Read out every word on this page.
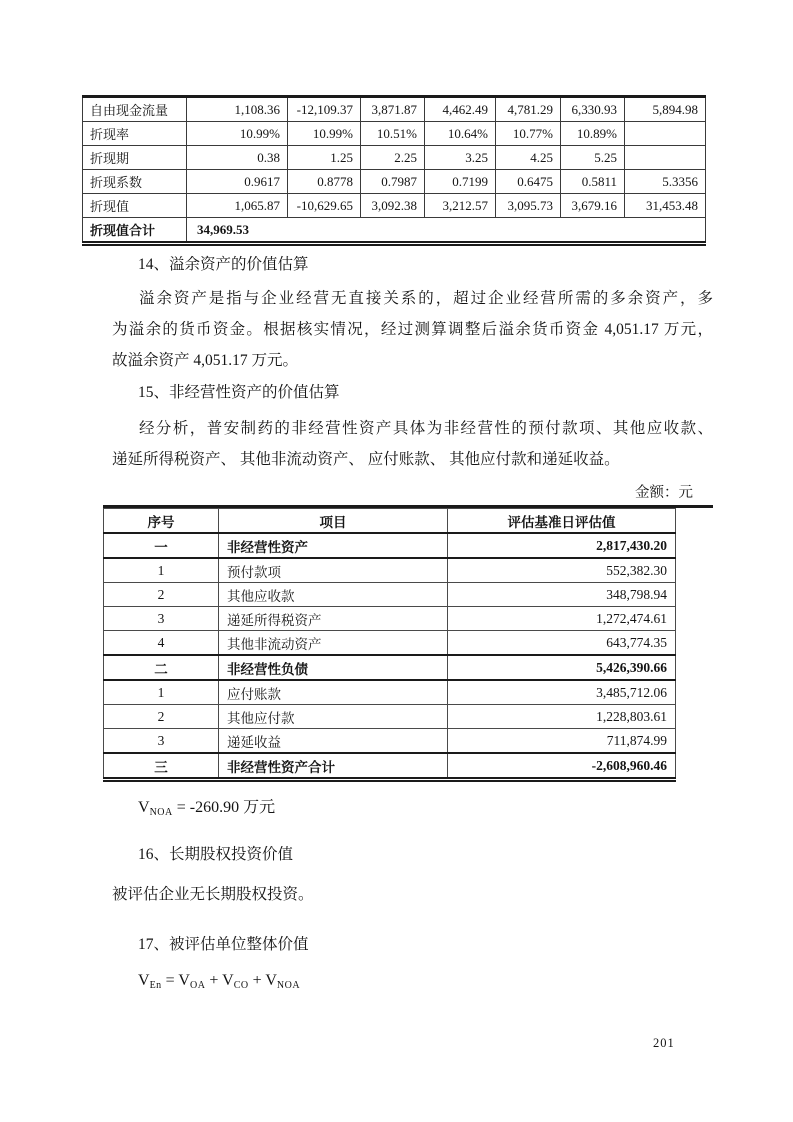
自由现金流量	1,108.36	-12,109.37	3,871.87	4,462.49	4,781.29	6,330.93	5,894.98
折现率	10.99%	10.99%	10.51%	10.64%	10.77%	10.89%	
折现期	0.38	1.25	2.25	3.25	4.25	5.25	
折现系数	0.9617	0.8778	0.7987	0.7199	0.6475	0.5811	5.3356
折现值	1,065.87	-10,629.65	3,092.38	3,212.57	3,095.73	3,679.16	31,453.48
折现值合计	34,969.53						
14、溢余资产的价值估算
溢余资产是指与企业经营无直接关系的，超过企业经营所需的多余资产，多
为溢余的货币资金。根据核实情况，经过测算调整后溢余货币资金 4,051.17 万元，
故溢余资产 4,051.17 万元。
15、非经营性资产的价值估算
经分析，普安制药的非经营性资产具体为非经营性的预付款项、其他应收款、
递延所得税资产、 其他非流动资产、 应付账款、 其他应付款和递延收益。
金额：元
序号	项目	评估基准日评估值
一	非经营性资产	2,817,430.20
1	预付款项	552,382.30
2	其他应收款	348,798.94
3	递延所得税资产	1,272,474.61
4	其他非流动资产	643,774.35
二	非经营性负债	5,426,390.66
1	应付账款	3,485,712.06
2	其他应付款	1,228,803.61
3	递延收益	711,874.99
三	非经营性资产合计	-2,608,960.46
$V_{NOA} = -260.90$ 万元
16、长期股权投资价值
被评估企业无长期股权投资。
17、被评估单位整体价值
$V_{En} = V_{OA} + V_{CO} + V_{NOA}$
201
